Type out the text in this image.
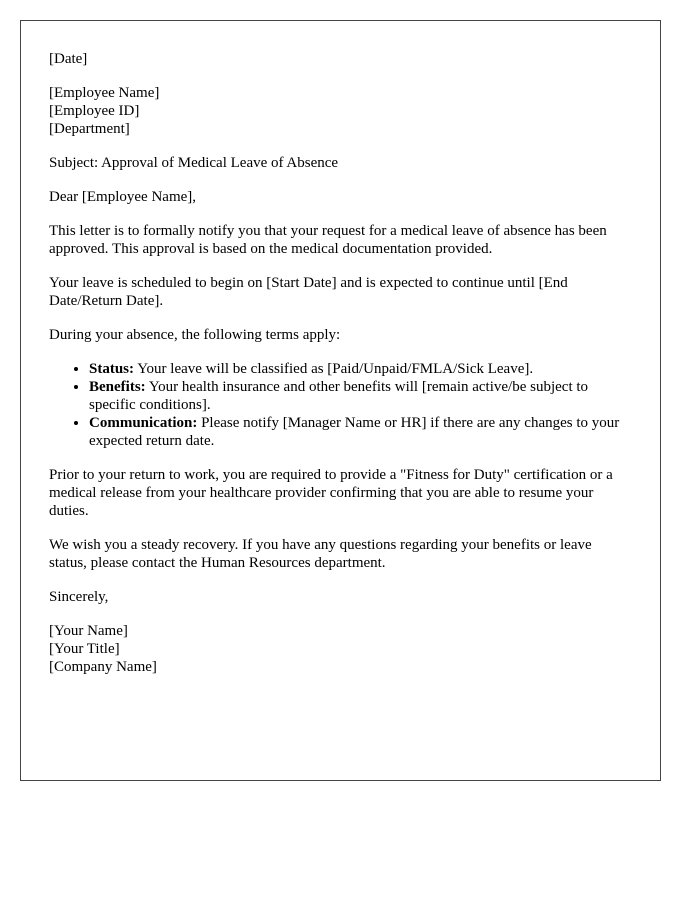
[Date]

[Employee Name]
[Employee ID]
[Department]

Subject: Approval of Medical Leave of Absence

Dear [Employee Name],

This letter is to formally notify you that your request for a medical leave of absence has been approved. This approval is based on the medical documentation provided.

Your leave is scheduled to begin on [Start Date] and is expected to continue until [End Date/Return Date].

During your absence, the following terms apply:

• Status: Your leave will be classified as [Paid/Unpaid/FMLA/Sick Leave].
• Benefits: Your health insurance and other benefits will [remain active/be subject to specific conditions].
• Communication: Please notify [Manager Name or HR] if there are any changes to your expected return date.

Prior to your return to work, you are required to provide a "Fitness for Duty" certification or a medical release from your healthcare provider confirming that you are able to resume your duties.

We wish you a steady recovery. If you have any questions regarding your benefits or leave status, please contact the Human Resources department.

Sincerely,

[Your Name]
[Your Title]
[Company Name]
